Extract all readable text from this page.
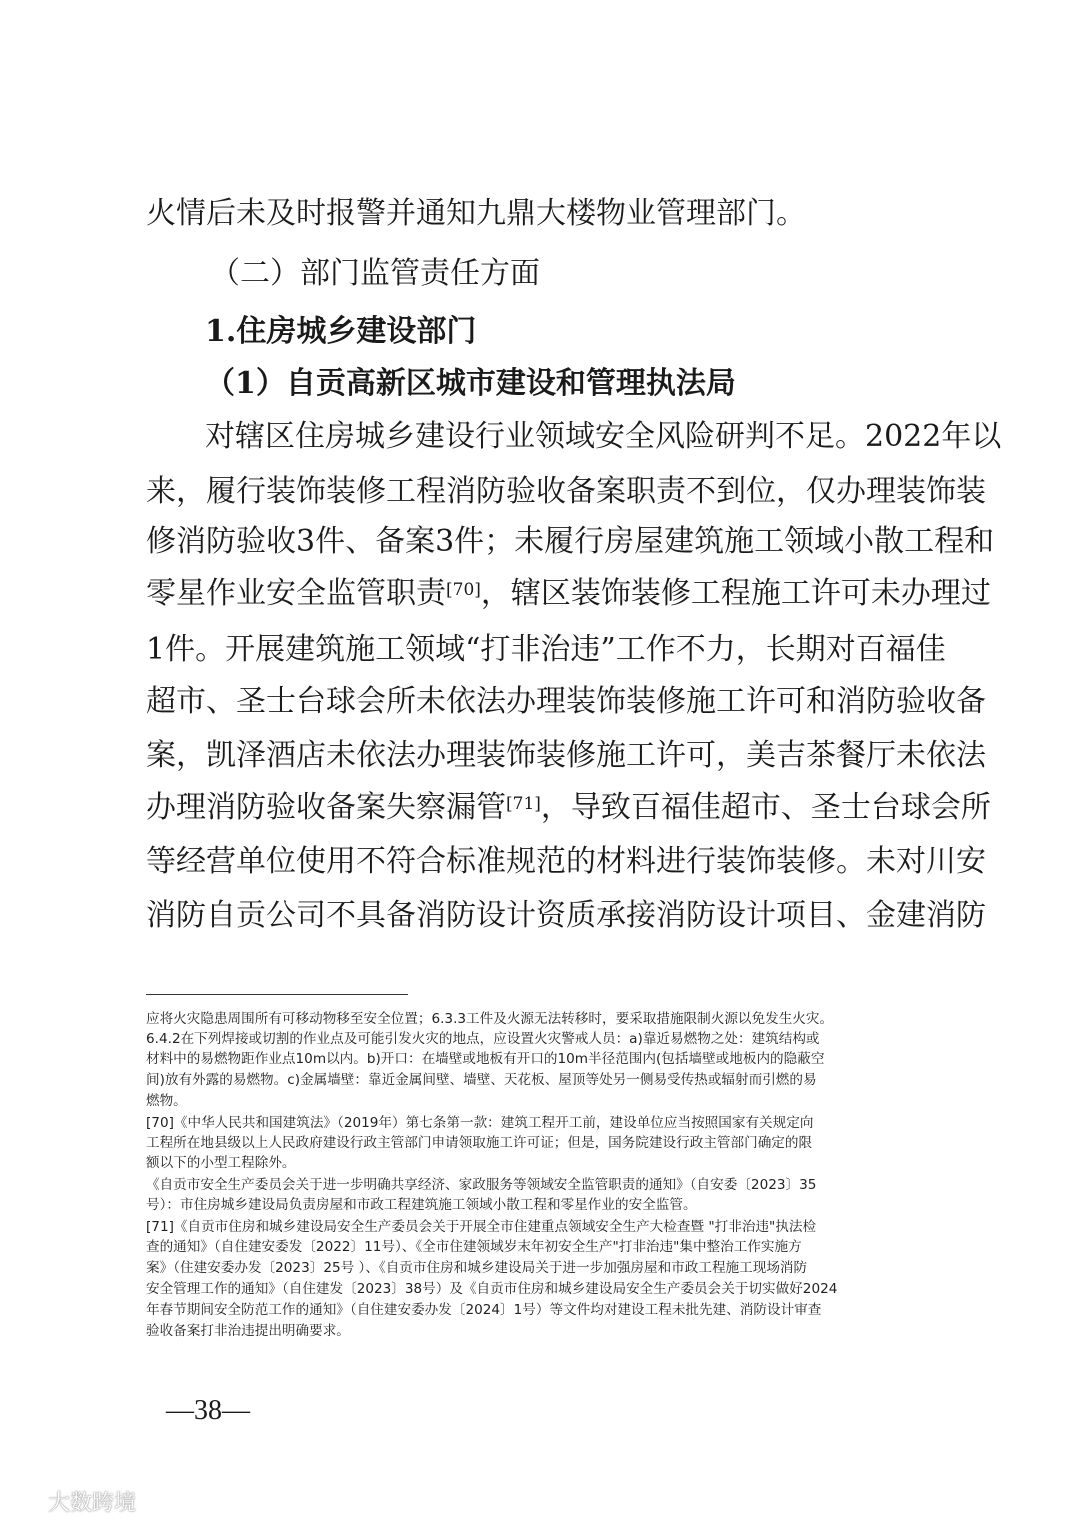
火情后未及时报警并通知九鼎大楼物业管理部门。
（二）部门监管责任方面
1.住房城乡建设部门
（1）自贡高新区城市建设和管理执法局
对辖区住房城乡建设行业领域安全风险研判不足。2022年以
来，履行装饰装修工程消防验收备案职责不到位，仅办理装饰装
修消防验收3件、备案3件；未履行房屋建筑施工领域小散工程和
零星作业安全监管职责[70]，辖区装饰装修工程施工许可未办理过
1件。开展建筑施工领域“打非治违”工作不力，长期对百福佳
超市、圣士台球会所未依法办理装饰装修施工许可和消防验收备
案，凯泽酒店未依法办理装饰装修施工许可，美吉茶餐厅未依法
办理消防验收备案失察漏管[71]，导致百福佳超市、圣士台球会所
等经营单位使用不符合标准规范的材料进行装饰装修。未对川安
消防自贡公司不具备消防设计资质承接消防设计项目、金建消防
应将火灾隐患周围所有可移动物移至安全位置；6.3.3工件及火源无法转移时，要采取措施限制火源以免发生火灾。
6.4.2在下列焊接或切割的作业点及可能引发火灾的地点，应设置火灾警戒人员：a)靠近易燃物之处：建筑结构或
材料中的易燃物距作业点10m以内。b)开口：在墙壁或地板有开口的10m半径范围内(包括墙壁或地板内的隐蔽空
间)放有外露的易燃物。c)金属墙壁：靠近金属间壁、墙壁、天花板、屋顶等处另一侧易受传热或辐射而引燃的易
燃物。
[70]《中华人民共和国建筑法》（2019年）第七条第一款：建筑工程开工前，建设单位应当按照国家有关规定向
工程所在地县级以上人民政府建设行政主管部门申请领取施工许可证；但是，国务院建设行政主管部门确定的限
额以下的小型工程除外。
《自贡市安全生产委员会关于进一步明确共享经济、家政服务等领域安全监管职责的通知》（自安委〔2023〕35
号）：市住房城乡建设局负责房屋和市政工程建筑施工领域小散工程和零星作业的安全监管。
[71]《自贡市住房和城乡建设局安全生产委员会关于开展全市住建重点领域安全生产大检查暨 "打非治违"执法检
查的通知》（自住建安委发〔2022〕11号）、《全市住建领域岁末年初安全生产"打非治违"集中整治工作实施方
案》（住建安委办发〔2023〕25号 ）、《自贡市住房和城乡建设局关于进一步加强房屋和市政工程施工现场消防
安全管理工作的通知》（自住建发〔2023〕38号）及《自贡市住房和城乡建设局安全生产委员会关于切实做好2024
年春节期间安全防范工作的通知》（自住建安委办发〔2024〕1号）等文件均对建设工程未批先建、消防设计审查
验收备案打非治违提出明确要求。
—38—
大数跨境
